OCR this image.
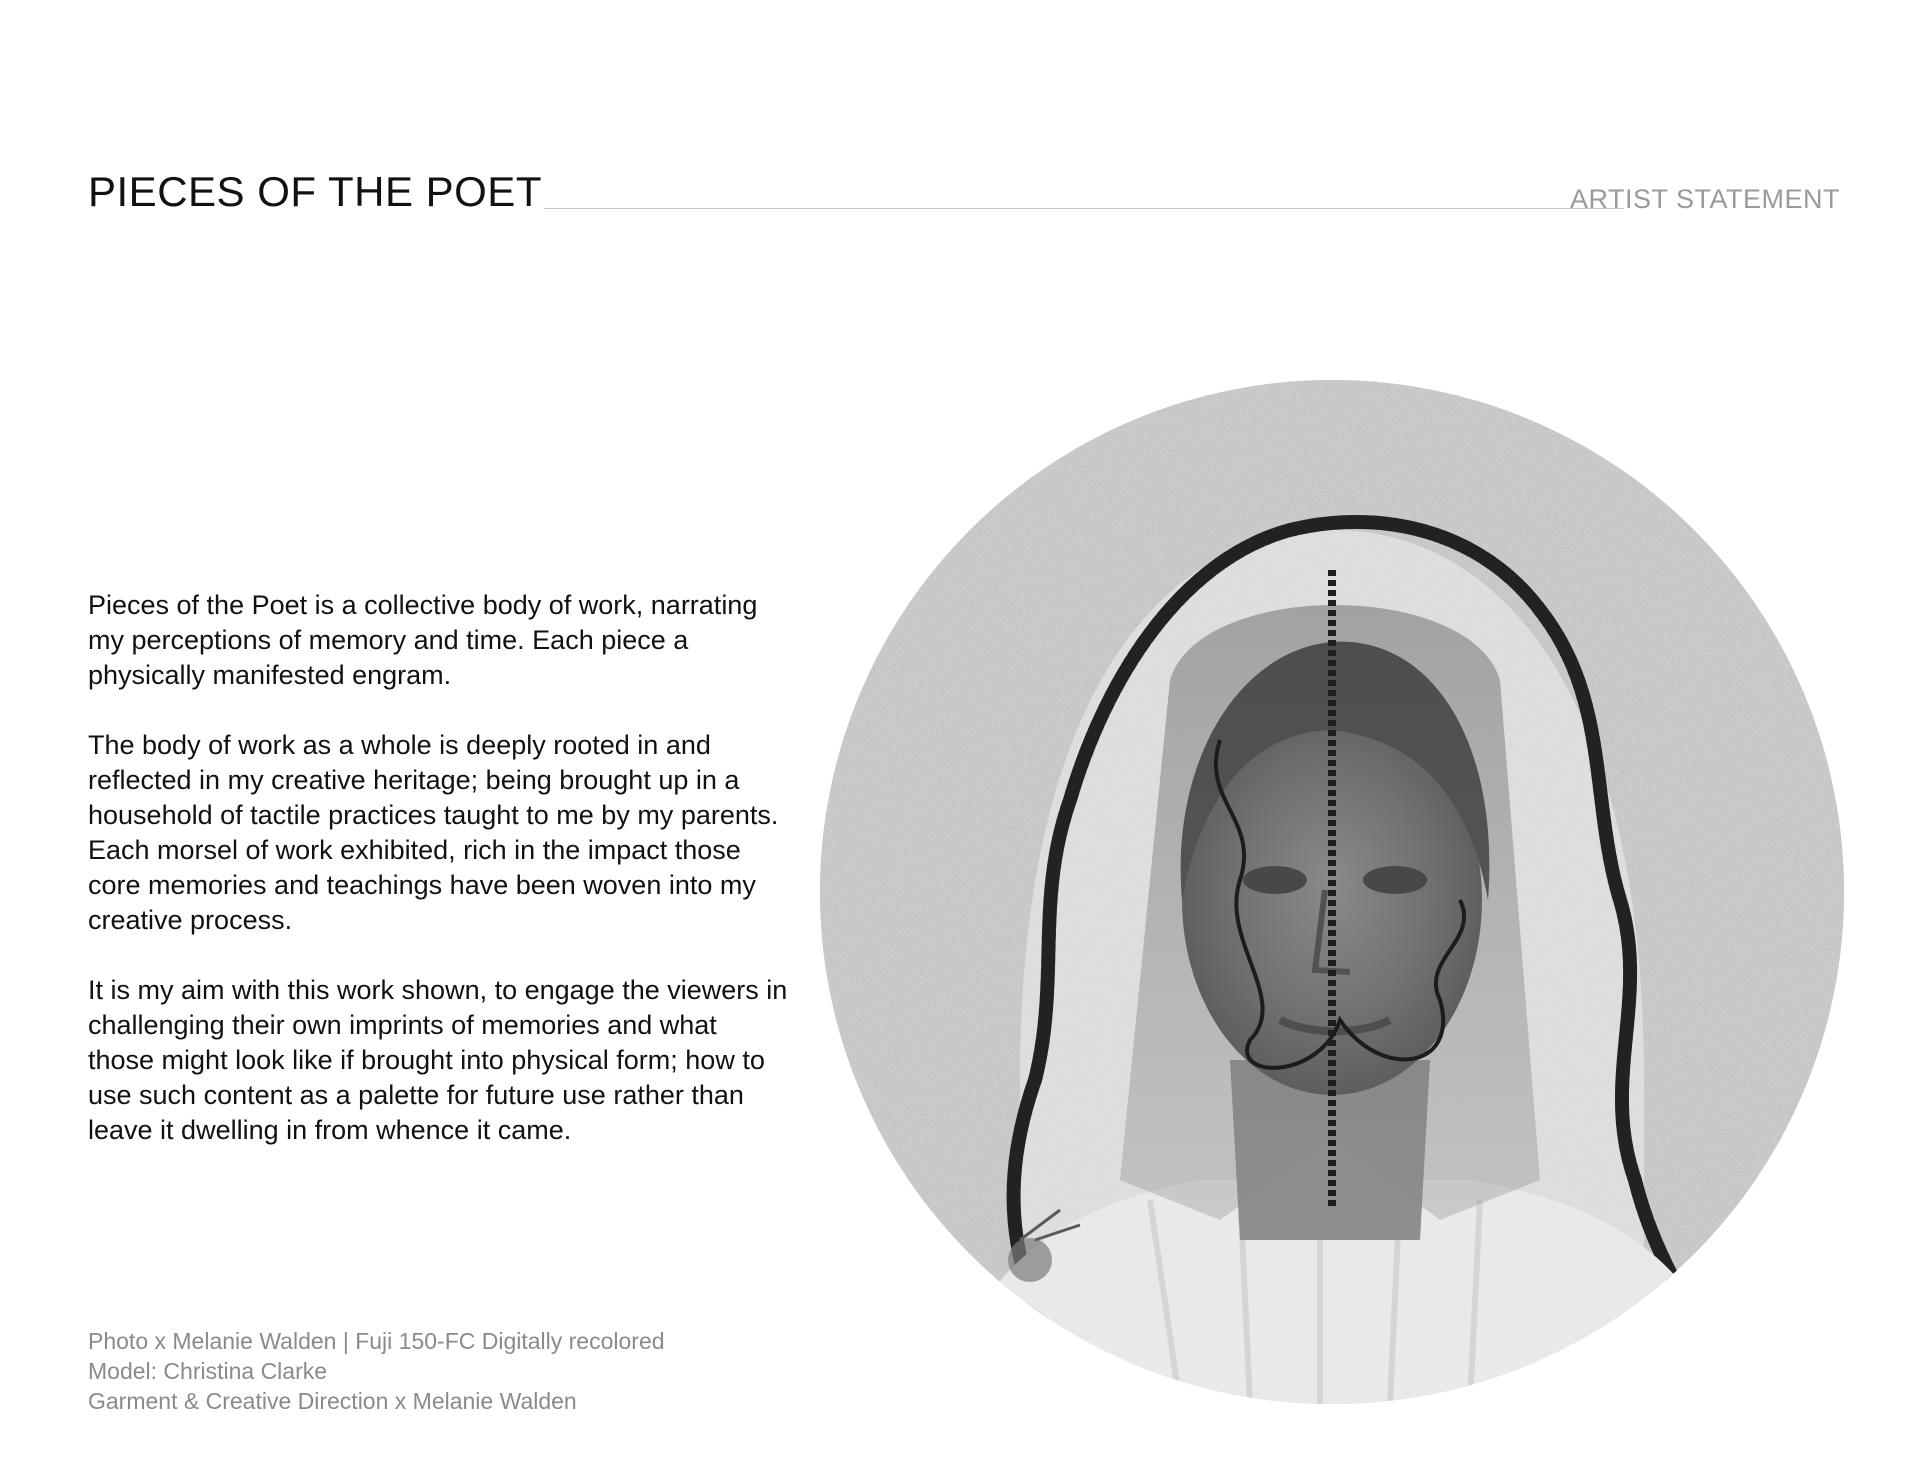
PIECES OF THE POET	ARTIST STATEMENT

Pieces of the Poet is a collective body of work, narrating my perceptions of memory and time. Each piece a physically manifested engram.

The body of work as a whole is deeply rooted in and reflected in my creative heritage; being brought up in a household of tactile practices taught to me by my parents. Each morsel of work exhibited, rich in the impact those core memories and teachings have been woven into my creative process.

It is my aim with this work shown, to engage the viewers in challenging their own imprints of memories and what those might look like if brought into physical form; how to use such content as a palette for future use rather than leave it dwelling in from whence it came.

Photo x Melanie Walden | Fuji 150-FC Digitally recolored
Model: Christina Clarke
Garment & Creative Direction x Melanie Walden
